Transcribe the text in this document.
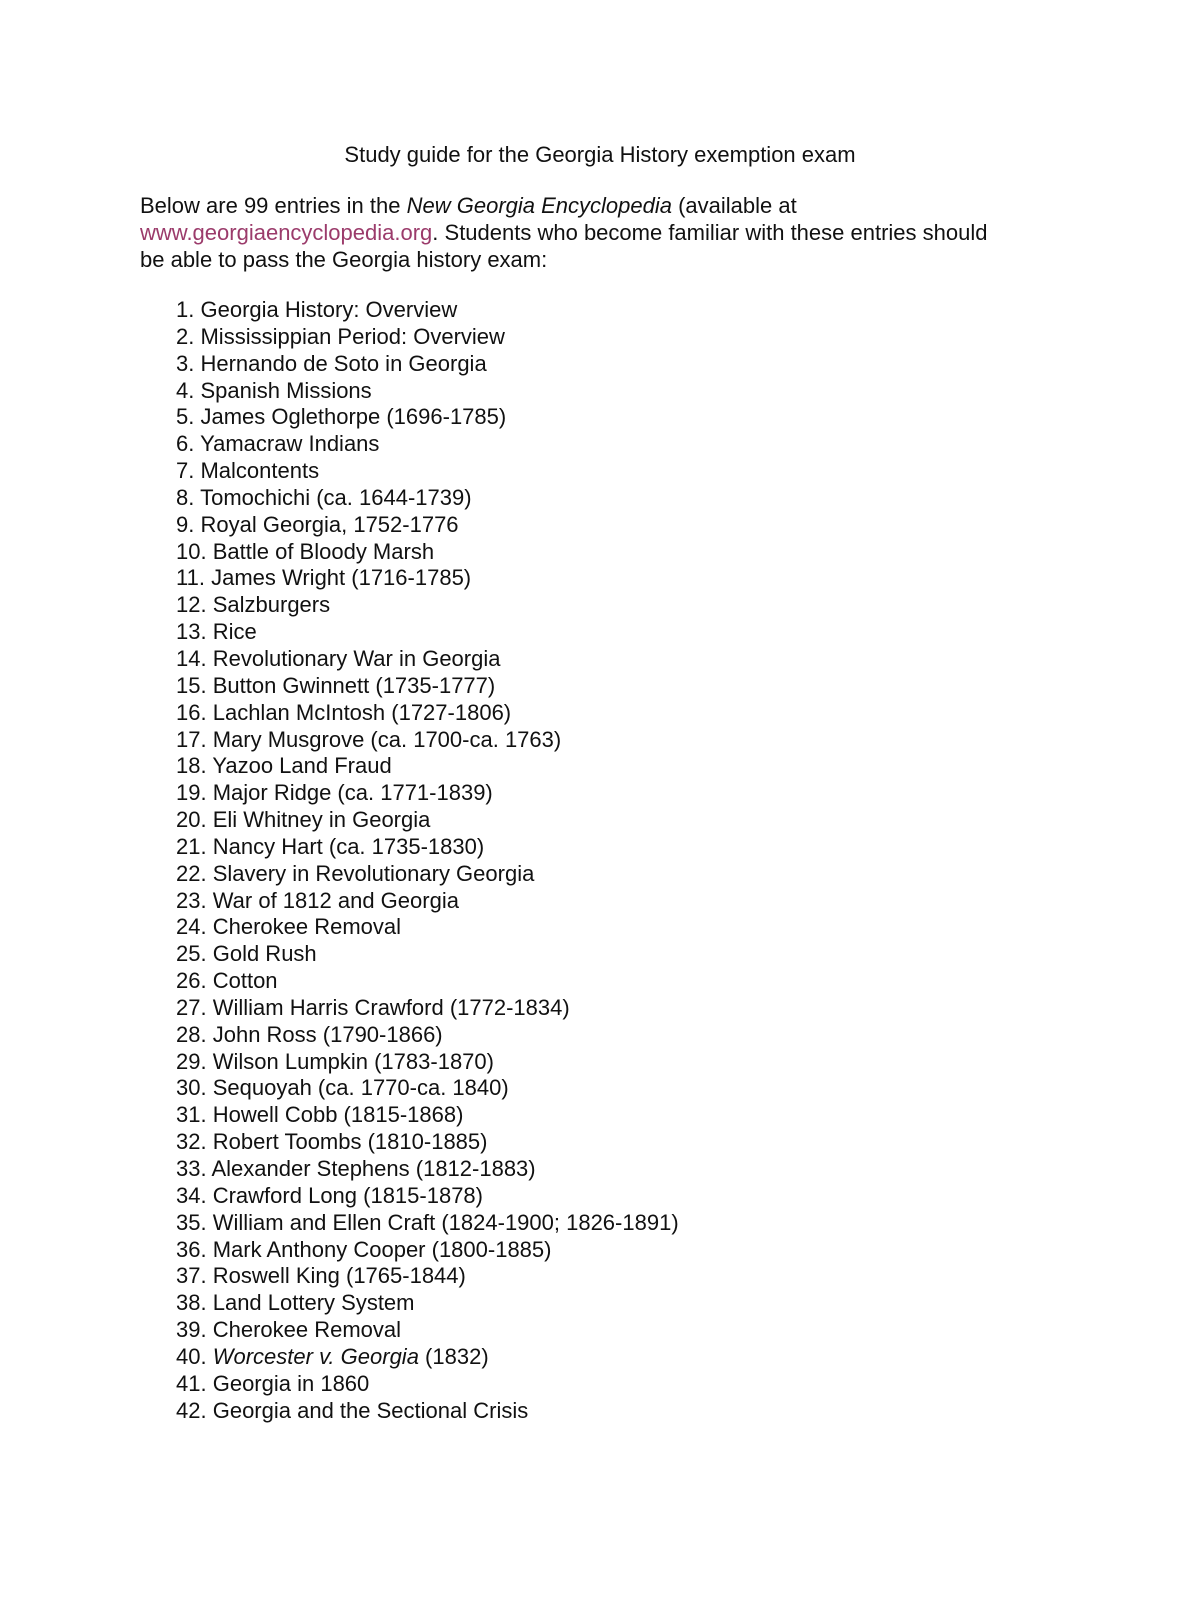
Study guide for the Georgia History exemption exam
Below are 99 entries in the New Georgia Encyclopedia (available at
www.georgiaencyclopedia.org. Students who become familiar with these entries should
be able to pass the Georgia history exam:
1. Georgia History: Overview
2. Mississippian Period: Overview
3. Hernando de Soto in Georgia
4. Spanish Missions
5. James Oglethorpe (1696-1785)
6. Yamacraw Indians
7. Malcontents
8. Tomochichi (ca. 1644-1739)
9. Royal Georgia, 1752-1776
10. Battle of Bloody Marsh
11. James Wright (1716-1785)
12. Salzburgers
13. Rice
14. Revolutionary War in Georgia
15. Button Gwinnett (1735-1777)
16. Lachlan McIntosh (1727-1806)
17. Mary Musgrove (ca. 1700-ca. 1763)
18. Yazoo Land Fraud
19. Major Ridge (ca. 1771-1839)
20. Eli Whitney in Georgia
21. Nancy Hart (ca. 1735-1830)
22. Slavery in Revolutionary Georgia
23. War of 1812 and Georgia
24. Cherokee Removal
25. Gold Rush
26. Cotton
27. William Harris Crawford (1772-1834)
28. John Ross (1790-1866)
29. Wilson Lumpkin (1783-1870)
30. Sequoyah (ca. 1770-ca. 1840)
31. Howell Cobb (1815-1868)
32. Robert Toombs (1810-1885)
33. Alexander Stephens (1812-1883)
34. Crawford Long (1815-1878)
35. William and Ellen Craft (1824-1900; 1826-1891)
36. Mark Anthony Cooper (1800-1885)
37. Roswell King (1765-1844)
38. Land Lottery System
39. Cherokee Removal
40. Worcester v. Georgia (1832)
41. Georgia in 1860
42. Georgia and the Sectional Crisis
